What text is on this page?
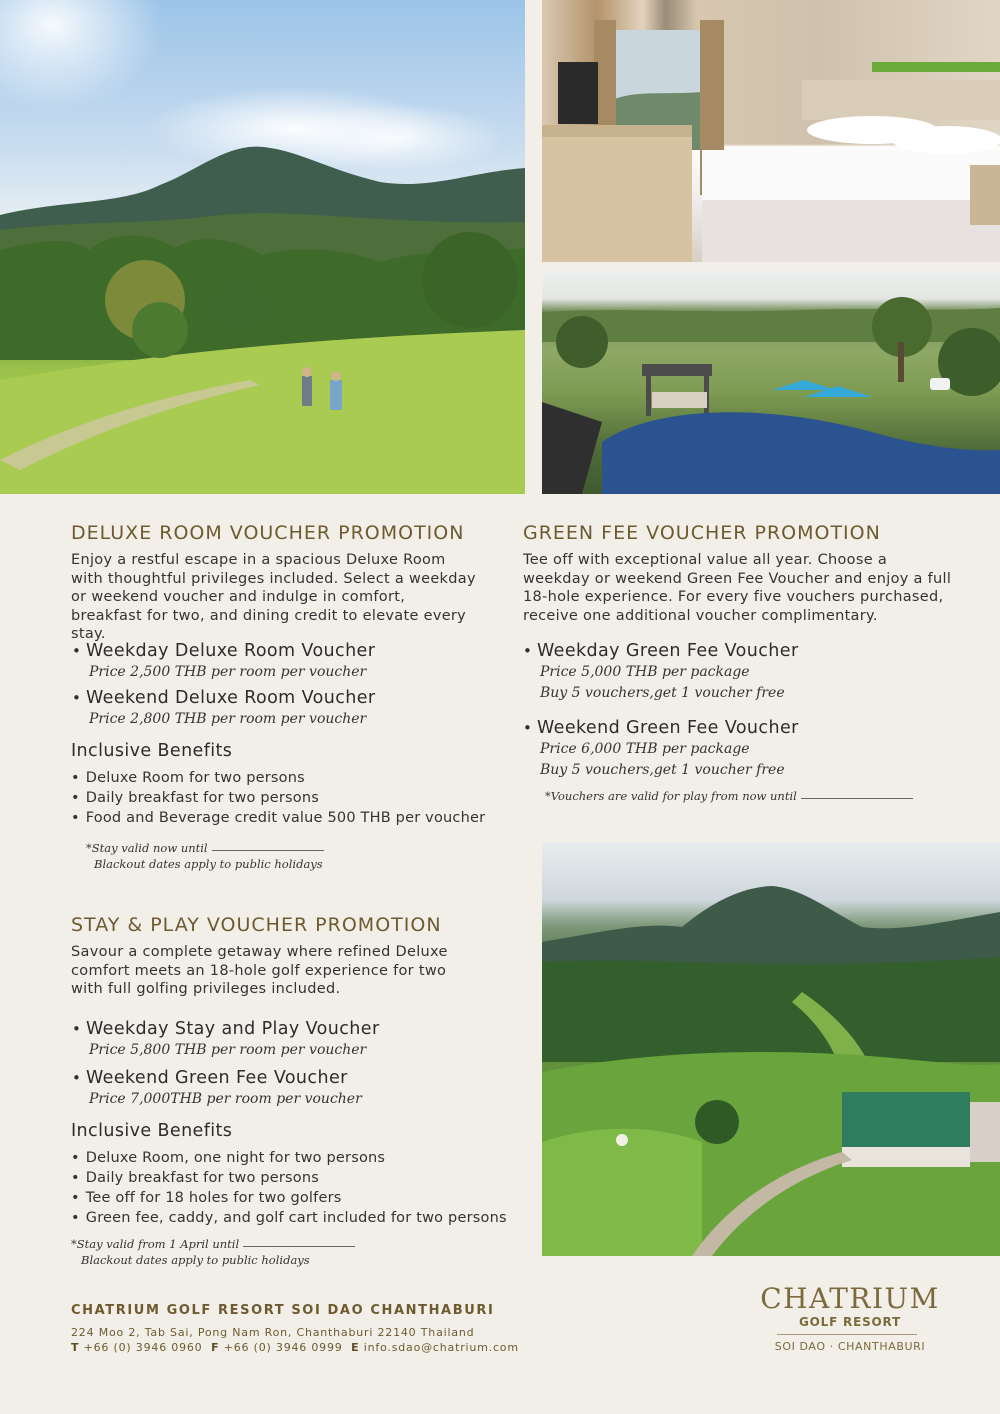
DELUXE ROOM VOUCHER PROMOTION

Enjoy a restful escape in a spacious Deluxe Room with thoughtful privileges included. Select a weekday or weekend voucher and indulge in comfort, breakfast for two, and dining credit to elevate every stay.

• Weekday Deluxe Room Voucher
Price 2,500 THB per room per voucher
• Weekend Deluxe Room Voucher
Price 2,800 THB per room per voucher
Inclusive Benefits
• Deluxe Room for two persons
• Daily breakfast for two persons
• Food and Beverage credit value 500 THB per voucher

*Stay valid now until
Blackout dates apply to public holidays

GREEN FEE VOUCHER PROMOTION

Tee off with exceptional value all year. Choose a weekday or weekend Green Fee Voucher and enjoy a full 18-hole experience. For every five vouchers purchased, receive one additional voucher complimentary.

• Weekday Green Fee Voucher
Price 5,000 THB per package
Buy 5 vouchers,get 1 voucher free
• Weekend Green Fee Voucher
Price 6,000 THB per package
Buy 5 vouchers,get 1 voucher free

*Vouchers are valid for play from now until

STAY & PLAY VOUCHER PROMOTION

Savour a complete getaway where refined Deluxe comfort meets an 18-hole golf experience for two with full golfing privileges included.

• Weekday Stay and Play Voucher
Price 5,800 THB per room per voucher
• Weekend Green Fee Voucher
Price 7,000THB per room per voucher
Inclusive Benefits
• Deluxe Room, one night for two persons
• Daily breakfast for two persons
• Tee off for 18 holes for two golfers
• Green fee, caddy, and golf cart included for two persons

*Stay valid from 1 April until
Blackout dates apply to public holidays

CHATRIUM GOLF RESORT SOI DAO CHANTHABURI

224 Moo 2, Tab Sai, Pong Nam Ron, Chanthaburi 22140 Thailand

T +66 (0) 3946 0960 F +66 (0) 3946 0999 E info.sdao@chatrium.com

CHATRIUM
GOLF RESORT
SOI DAO · CHANTHABURI
